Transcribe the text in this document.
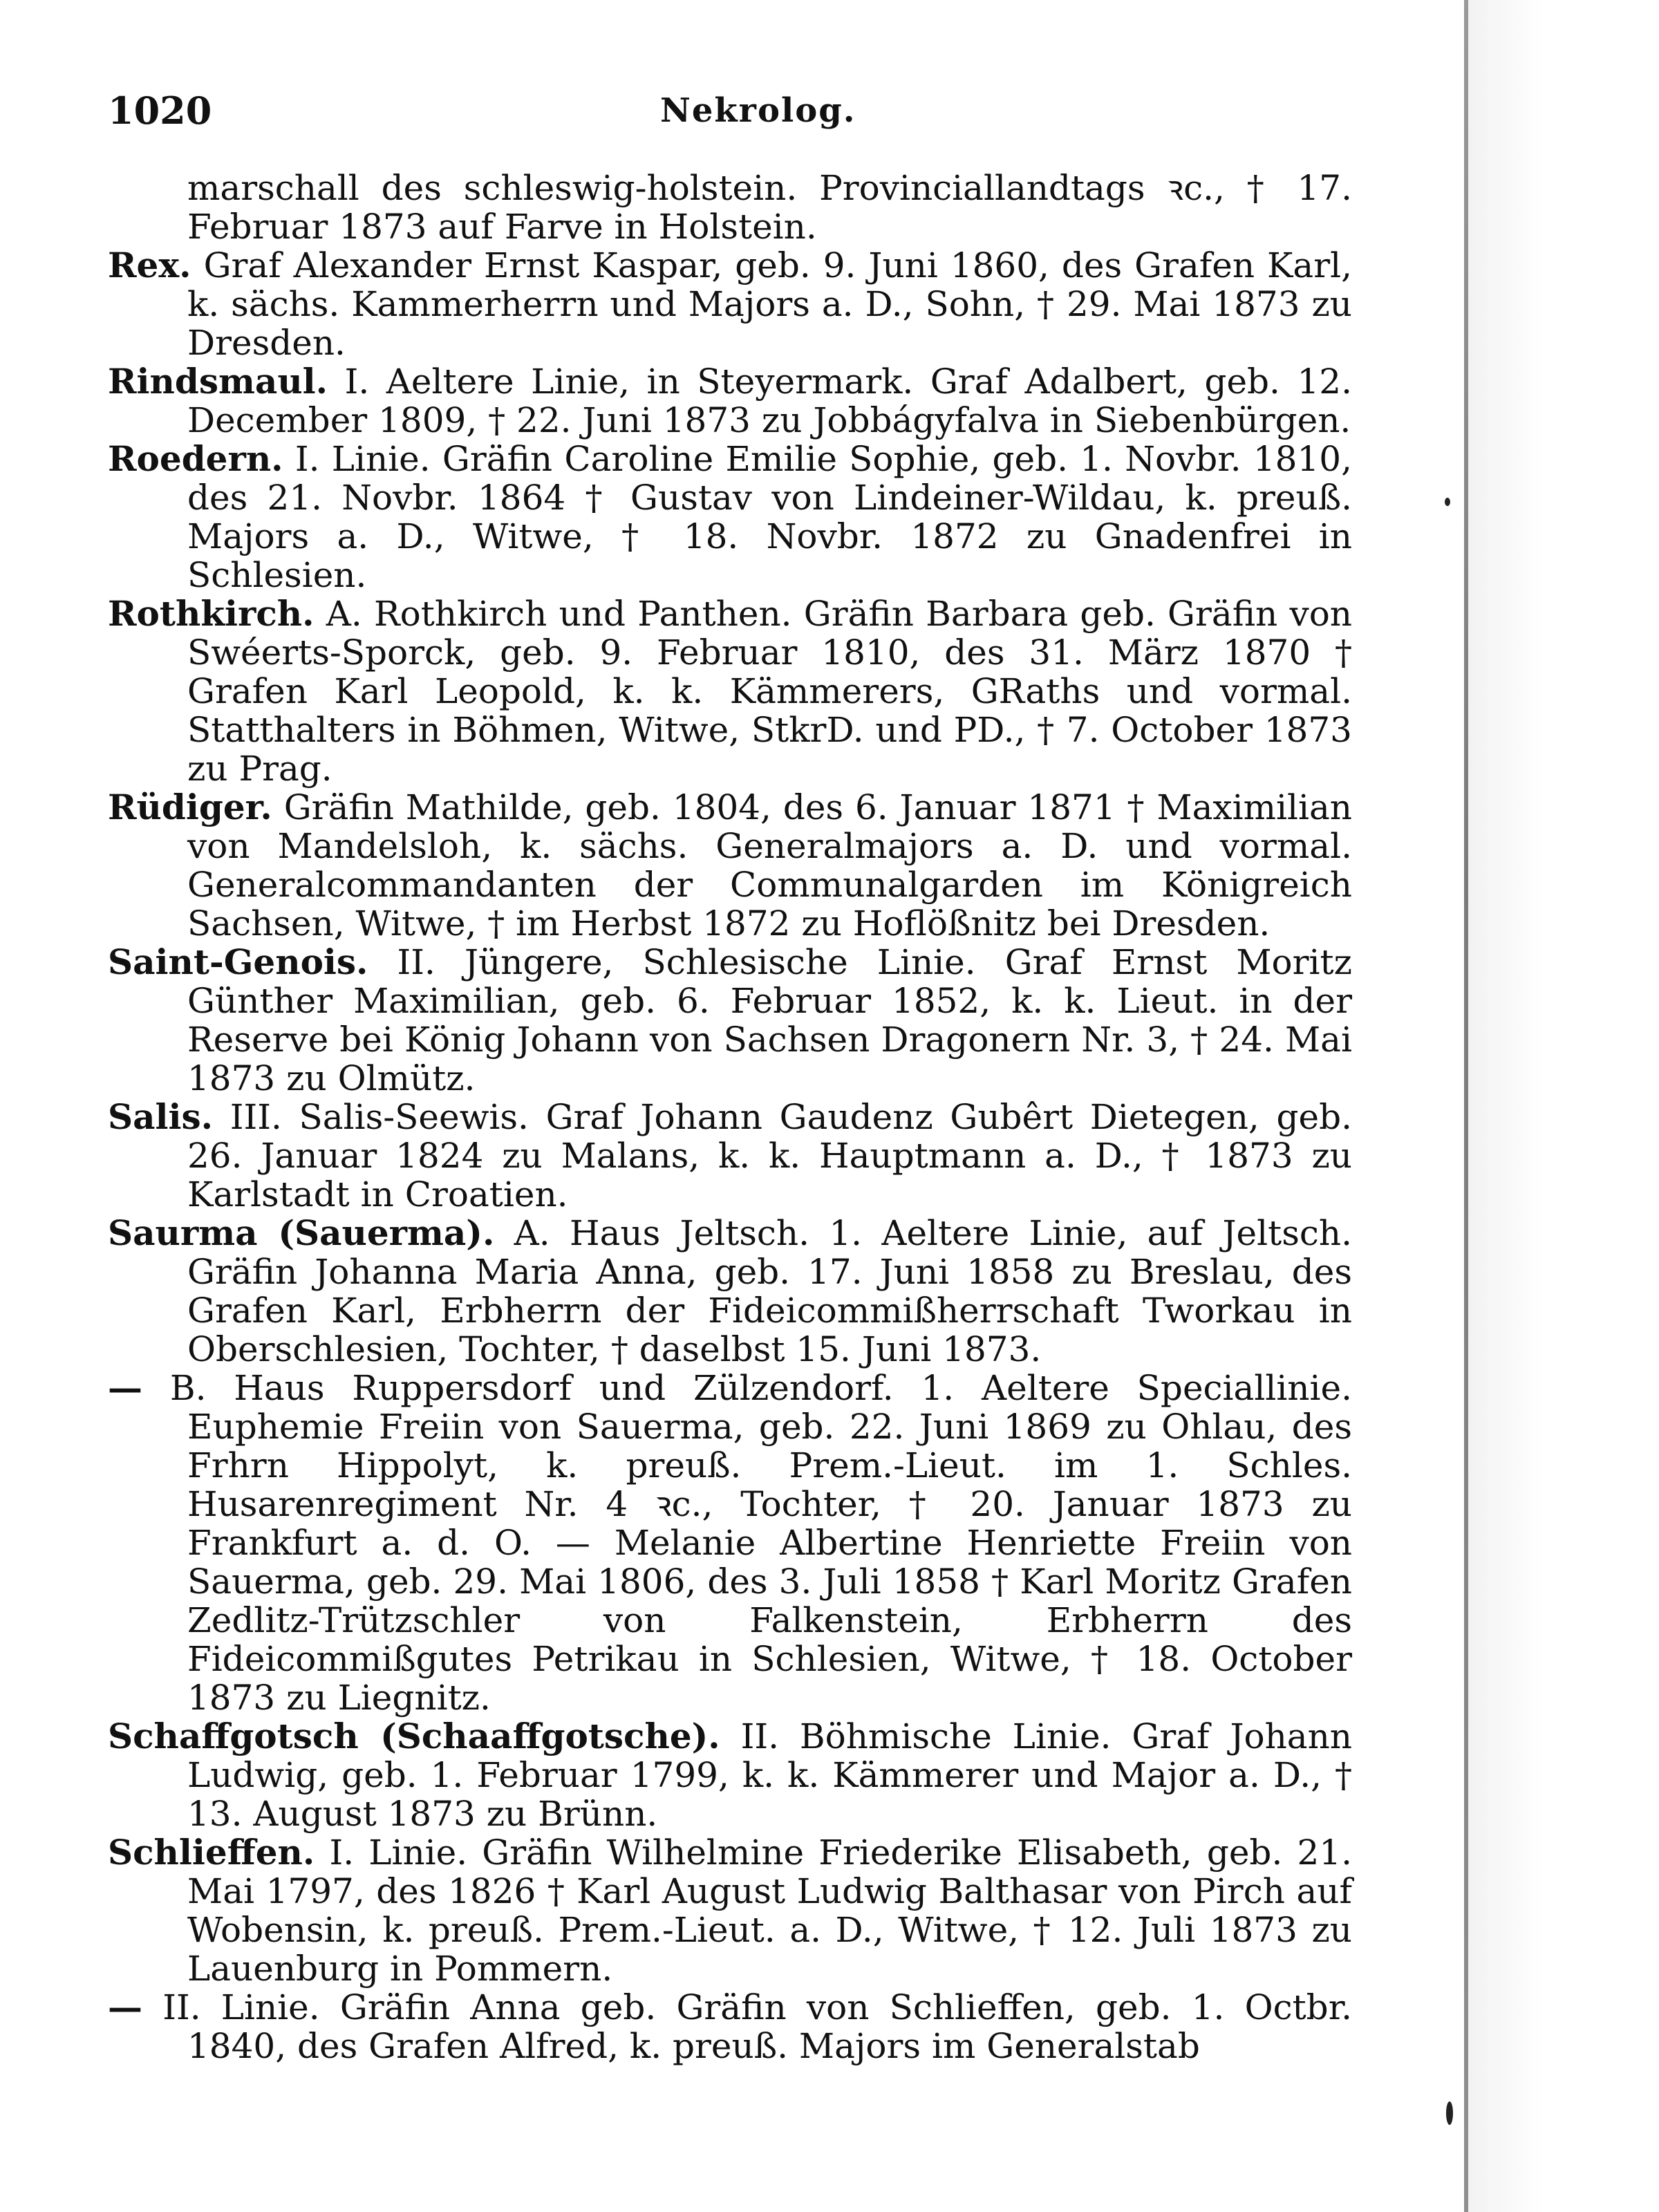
1020	Nekrolog.

marschall des schleswig-holstein. Provinciallandtags ꝛc., † 17. Februar 1873 auf Farve in Holstein.

Rex. Graf Alexander Ernst Kaspar, geb. 9. Juni 1860, des Grafen Karl, k. sächs. Kammerherrn und Majors a. D., Sohn, † 29. Mai 1873 zu Dresden.

Rindsmaul. I. Aeltere Linie, in Steyermark. Graf Adalbert, geb. 12. December 1809, † 22. Juni 1873 zu Jobbágyfalva in Siebenbürgen.

Roedern. I. Linie. Gräfin Caroline Emilie Sophie, geb. 1. Novbr. 1810, des 21. Novbr. 1864 † Gustav von Lindeiner-Wildau, k. preuß. Majors a. D., Witwe, † 18. Novbr. 1872 zu Gnadenfrei in Schlesien.

Rothkirch. A. Rothkirch und Panthen. Gräfin Barbara geb. Gräfin von Swéerts-Sporck, geb. 9. Februar 1810, des 31. März 1870 † Grafen Karl Leopold, k. k. Kämmerers, GRaths und vormal. Statthalters in Böhmen, Witwe, StkrD. und PD., † 7. October 1873 zu Prag.

Rüdiger. Gräfin Mathilde, geb. 1804, des 6. Januar 1871 † Maximilian von Mandelsloh, k. sächs. Generalmajors a. D. und vormal. Generalcommandanten der Communalgarden im Königreich Sachsen, Witwe, † im Herbst 1872 zu Hoflößnitz bei Dresden.

Saint-Genois. II. Jüngere, Schlesische Linie. Graf Ernst Moritz Günther Maximilian, geb. 6. Februar 1852, k. k. Lieut. in der Reserve bei König Johann von Sachsen Dragonern Nr. 3, † 24. Mai 1873 zu Olmütz.

Salis. III. Salis-Seewis. Graf Johann Gaudenz Gubêrt Dietegen, geb. 26. Januar 1824 zu Malans, k. k. Hauptmann a. D., † 1873 zu Karlstadt in Croatien.

Saurma (Sauerma). A. Haus Jeltsch. 1. Aeltere Linie, auf Jeltsch. Gräfin Johanna Maria Anna, geb. 17. Juni 1858 zu Breslau, des Grafen Karl, Erbherrn der Fideicommißherrschaft Tworkau in Oberschlesien, Tochter, † daselbst 15. Juni 1873.

— B. Haus Ruppersdorf und Zülzendorf. 1. Aeltere Speciallinie. Euphemie Freiin von Sauerma, geb. 22. Juni 1869 zu Ohlau, des Frhrn Hippolyt, k. preuß. Prem.-Lieut. im 1. Schles. Husarenregiment Nr. 4 ꝛc., Tochter, † 20. Januar 1873 zu Frankfurt a. d. O. — Melanie Albertine Henriette Freiin von Sauerma, geb. 29. Mai 1806, des 3. Juli 1858 † Karl Moritz Grafen Zedlitz-Trützschler von Falkenstein, Erbherrn des Fideicommißgutes Petrikau in Schlesien, Witwe, † 18. October 1873 zu Liegnitz.

Schaffgotsch (Schaaffgotsche). II. Böhmische Linie. Graf Johann Ludwig, geb. 1. Februar 1799, k. k. Kämmerer und Major a. D., † 13. August 1873 zu Brünn.

Schlieffen. I. Linie. Gräfin Wilhelmine Friederike Elisabeth, geb. 21. Mai 1797, des 1826 † Karl August Ludwig Balthasar von Pirch auf Wobensin, k. preuß. Prem.-Lieut. a. D., Witwe, † 12. Juli 1873 zu Lauenburg in Pommern.

— II. Linie. Gräfin Anna geb. Gräfin von Schlieffen, geb. 1. Octbr. 1840, des Grafen Alfred, k. preuß. Majors im Generalstab
